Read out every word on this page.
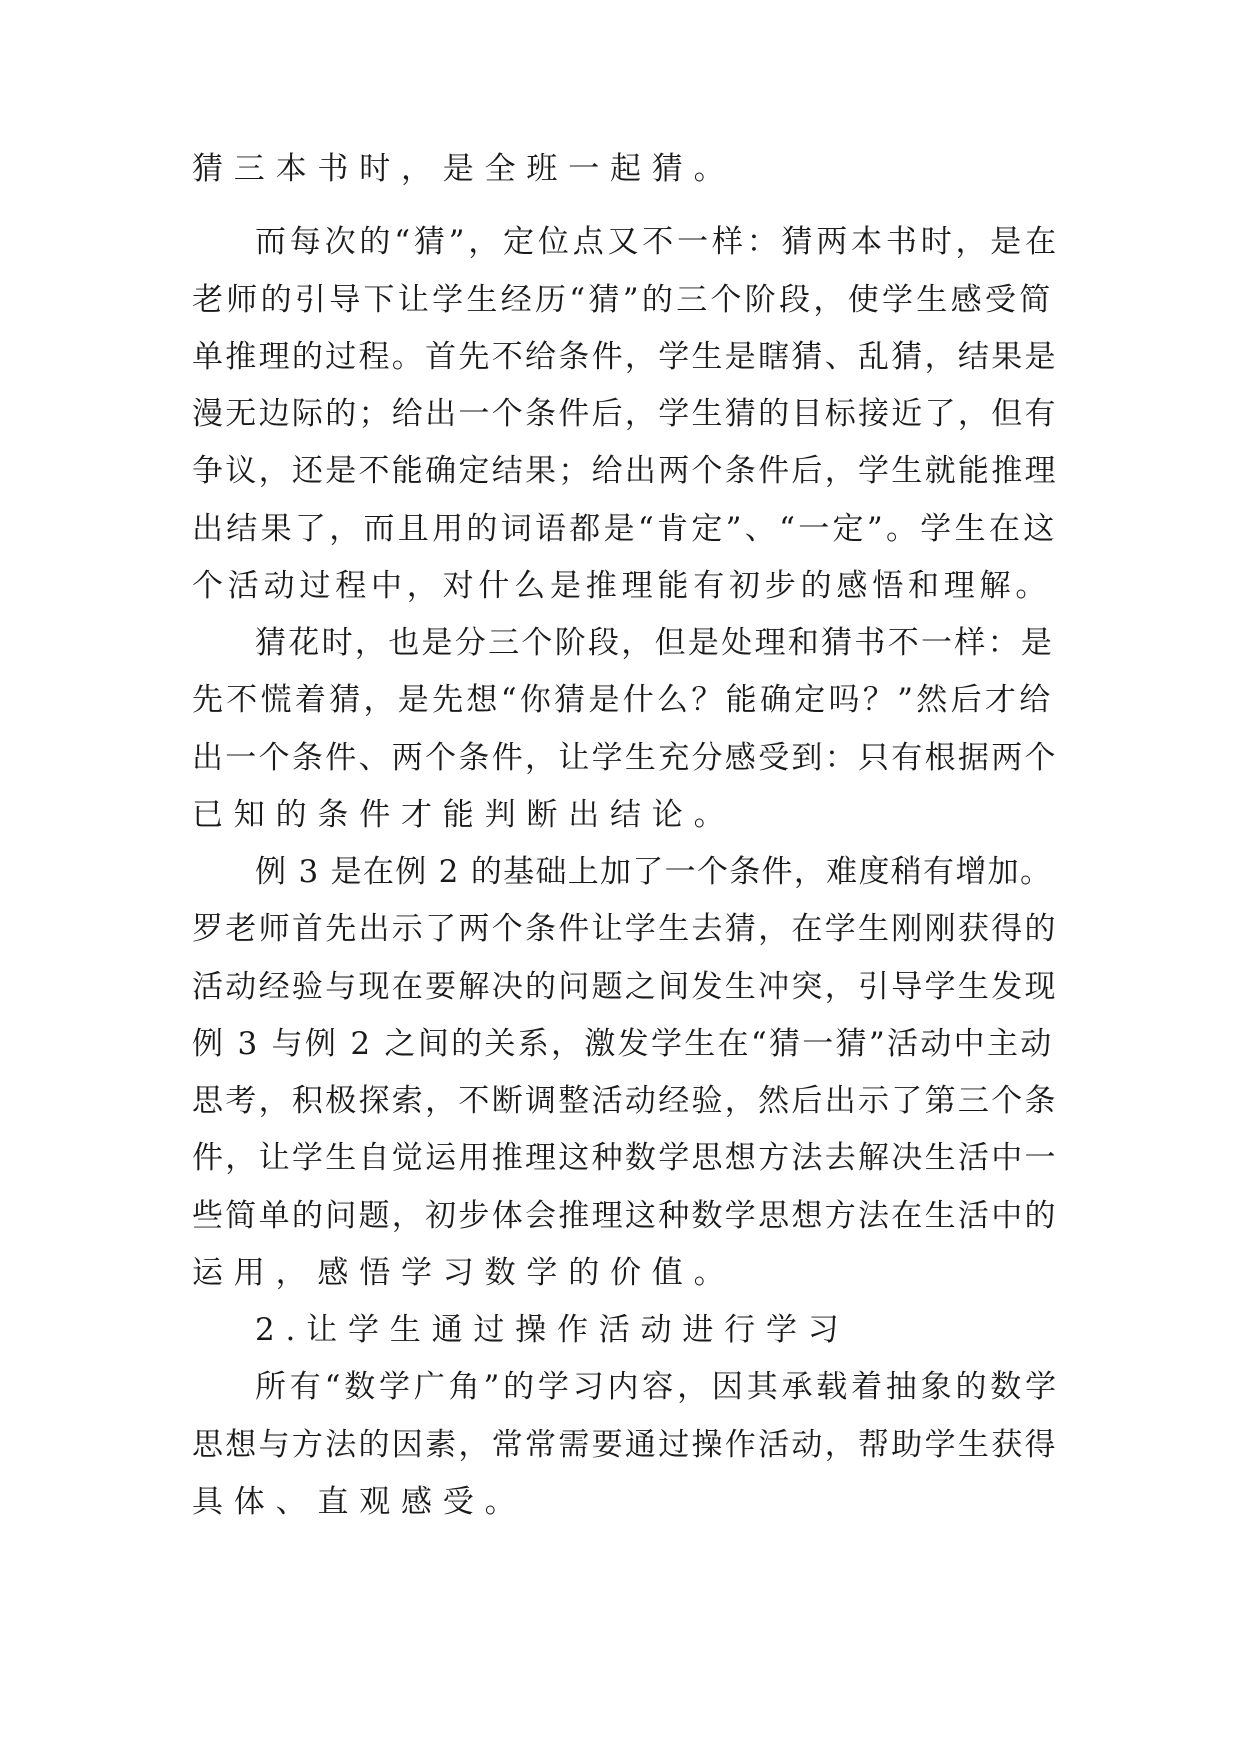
猜三本书时，是全班一起猜。
而每次的“猜”，定位点又不一样：猜两本书时，是在
老师的引导下让学生经历“猜”的三个阶段，使学生感受简
单推理的过程。首先不给条件，学生是瞎猜、乱猜，结果是
漫无边际的；给出一个条件后，学生猜的目标接近了，但有
争议，还是不能确定结果；给出两个条件后，学生就能推理
出结果了，而且用的词语都是“肯定”、“一定”。学生在这
个活动过程中，对什么是推理能有初步的感悟和理解。
猜花时，也是分三个阶段，但是处理和猜书不一样：是
先不慌着猜，是先想“你猜是什么？能确定吗？”然后才给
出一个条件、两个条件，让学生充分感受到：只有根据两个
已知的条件才能判断出结论。
例 3 是在例 2 的基础上加了一个条件，难度稍有增加。
罗老师首先出示了两个条件让学生去猜，在学生刚刚获得的
活动经验与现在要解决的问题之间发生冲突，引导学生发现
例 3 与例 2 之间的关系，激发学生在“猜一猜”活动中主动
思考，积极探索，不断调整活动经验，然后出示了第三个条
件，让学生自觉运用推理这种数学思想方法去解决生活中一
些简单的问题，初步体会推理这种数学思想方法在生活中的
运用，感悟学习数学的价值。
2.让学生通过操作活动进行学习
所有“数学广角”的学习内容，因其承载着抽象的数学
思想与方法的因素，常常需要通过操作活动，帮助学生获得
具体、直观感受。
